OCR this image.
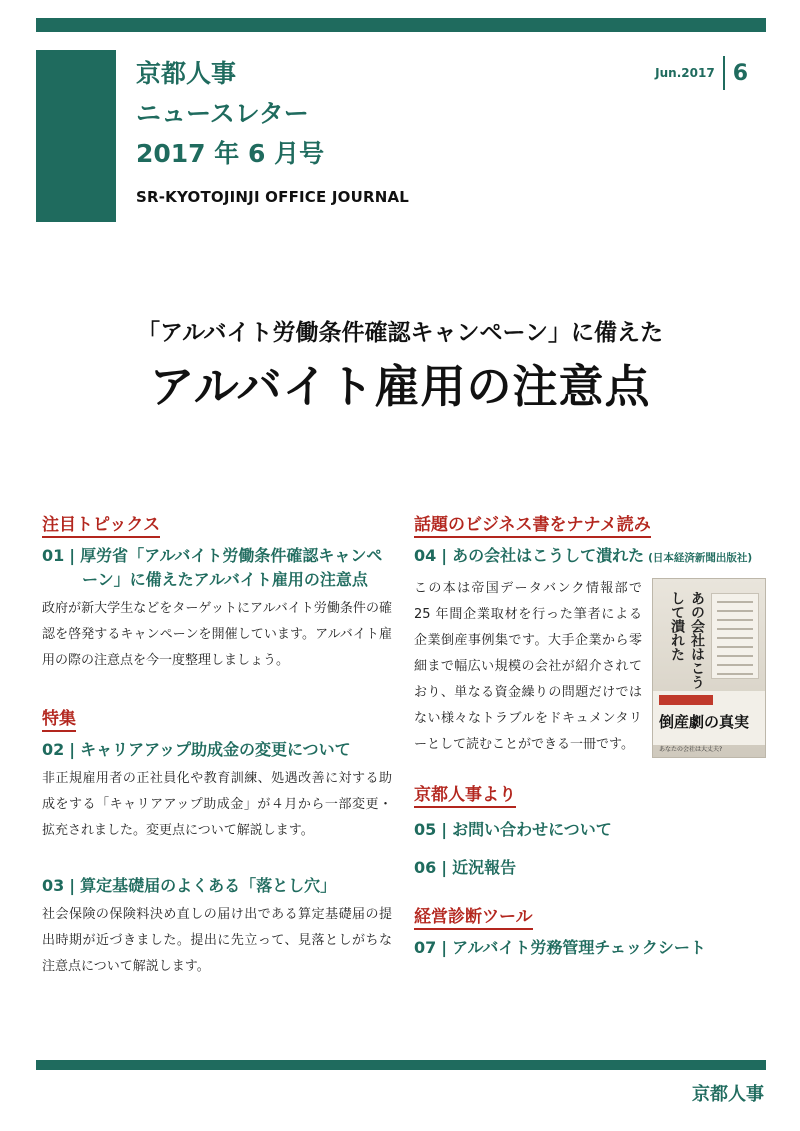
京都人事
ニュースレター
2017 年 6 月号
SR-KYOTOJINJI OFFICE JOURNAL
Jun.2017 6
「アルバイト労働条件確認キャンペーン」に備えた
アルバイト雇用の注意点
注目トピックス
01 | 厚労省「アルバイト労働条件確認キャンペーン」に備えたアルバイト雇用の注意点
政府が新大学生などをターゲットにアルバイト労働条件の確認を啓発するキャンペーンを開催しています。アルバイト雇用の際の注意点を今一度整理しましょう。
特集
02 | キャリアアップ助成金の変更について
非正規雇用者の正社員化や教育訓練、処遇改善に対する助成をする「キャリアアップ助成金」が４月から一部変更・拡充されました。変更点について解説します。
03 | 算定基礎届のよくある「落とし穴」
社会保険の保険料決め直しの届け出である算定基礎届の提出時期が近づきました。提出に先立って、見落としがちな注意点について解説します。
話題のビジネス書をナナメ読み
04 | あの会社はこうして潰れた (日本経済新聞出版社)
この本は帝国データバンク情報部で 25 年間企業取材を行った筆者による企業倒産事例集です。大手企業から零細まで幅広い規模の会社が紹介されており、単なる資金繰りの問題だけではない様々なトラブルをドキュメンタリーとして読むことができる一冊です。
あの会社はこうして潰れた
倒産劇の真実
あなたの会社は大丈夫?
京都人事より
05 | お問い合わせについて
06 | 近況報告
経営診断ツール
07 | アルバイト労務管理チェックシート
京都人事
